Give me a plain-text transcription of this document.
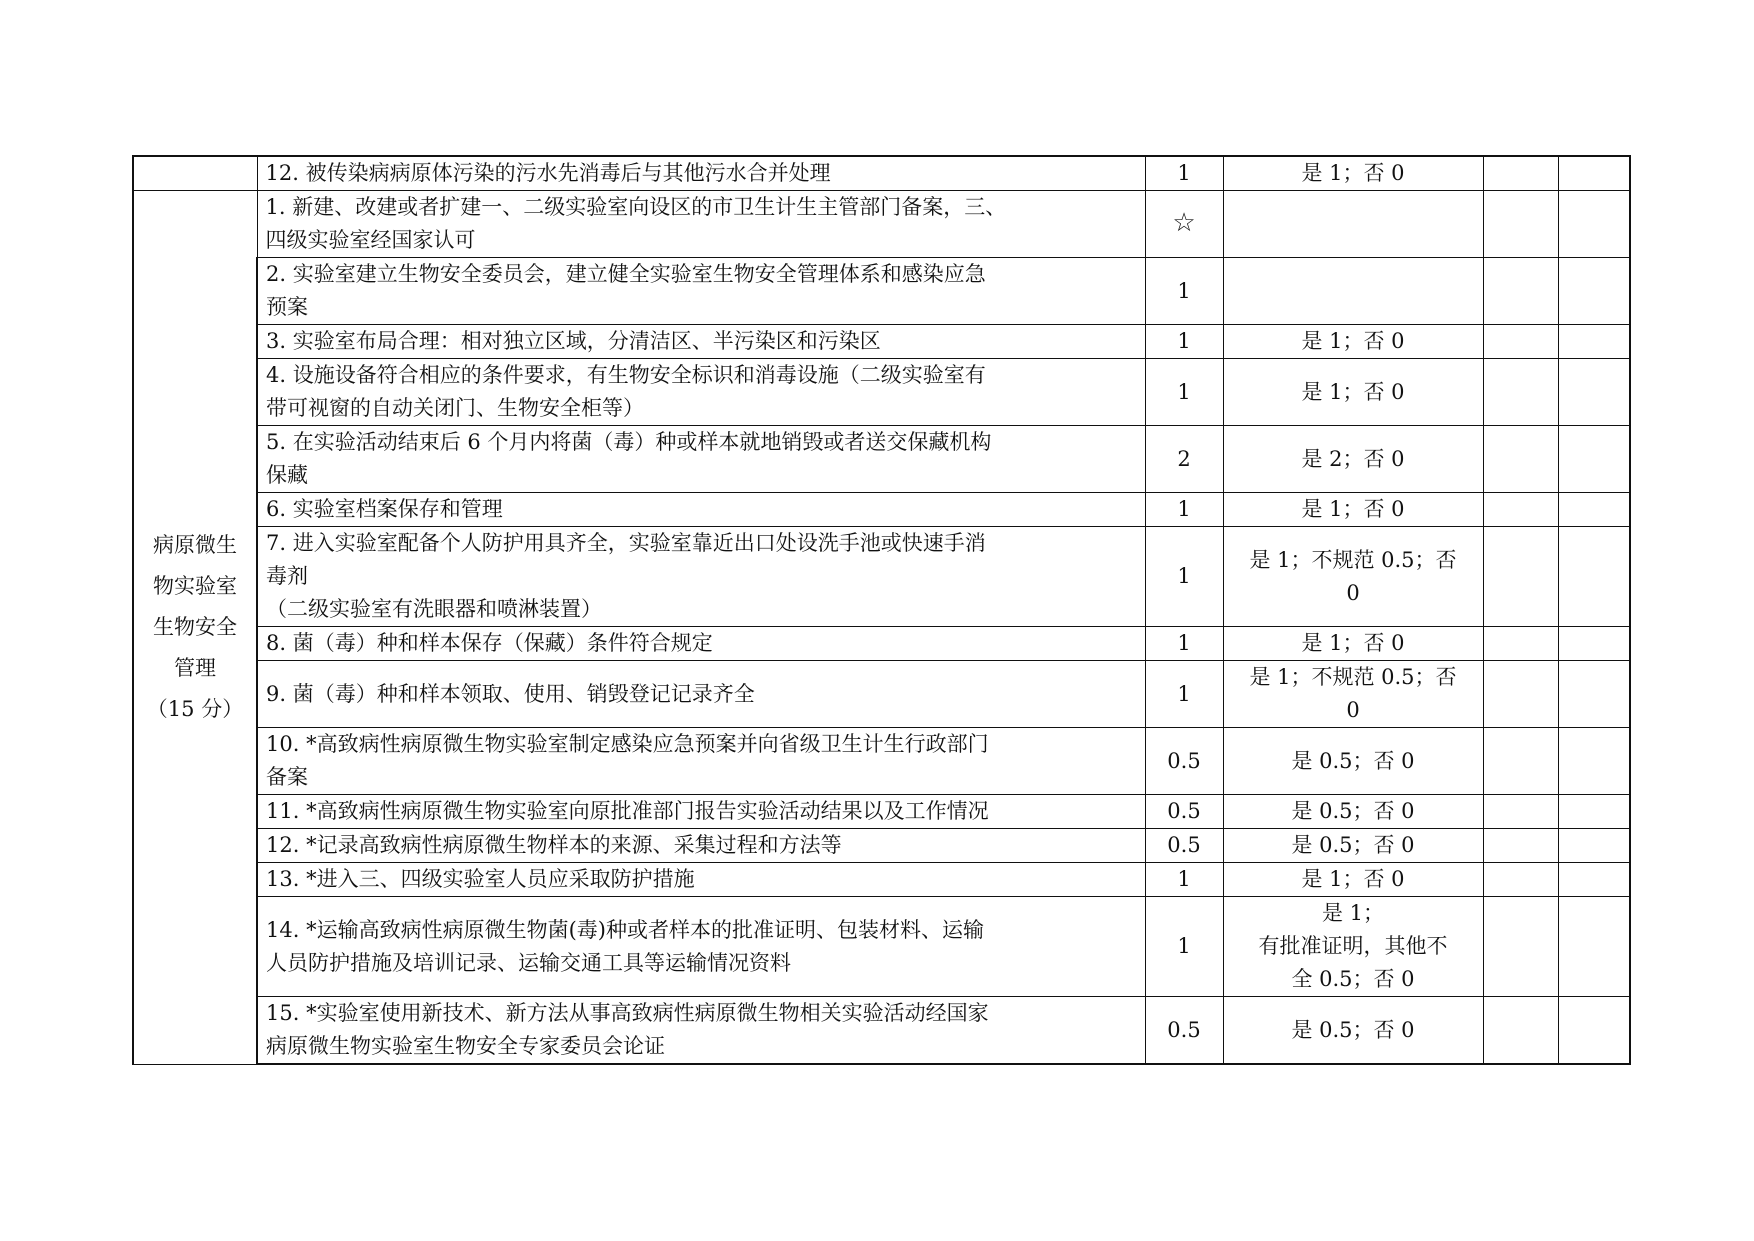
	12. 被传染病病原体污染的污水先消毒后与其他污水合并处理	1	是 1；否 0		

病原微生
物实验室
生物安全
管理
（15 分）	1. 新建、改建或者扩建一、二级实验室向设区的市卫生计生主管部门备案，三、
四级实验室经国家认可	☆			

	2. 实验室建立生物安全委员会，建立健全实验室生物安全管理体系和感染应急
预案	1			

	3. 实验室布局合理：相对独立区域，分清洁区、半污染区和污染区	1	是 1；否 0		

	4. 设施设备符合相应的条件要求，有生物安全标识和消毒设施（二级实验室有
带可视窗的自动关闭门、生物安全柜等）	1	是 1；否 0		

	5. 在实验活动结束后 6 个月内将菌（毒）种或样本就地销毁或者送交保藏机构
保藏	2	是 2；否 0		

	6. 实验室档案保存和管理	1	是 1；否 0		

	7. 进入实验室配备个人防护用具齐全，实验室靠近出口处设洗手池或快速手消
毒剂
（二级实验室有洗眼器和喷淋装置）	1	是 1；不规范 0.5；否
0		

	8. 菌（毒）种和样本保存（保藏）条件符合规定	1	是 1；否 0		

	9. 菌（毒）种和样本领取、使用、销毁登记记录齐全	1	是 1；不规范 0.5；否
0		

	10. *高致病性病原微生物实验室制定感染应急预案并向省级卫生计生行政部门
备案	0.5	是 0.5；否 0		

	11. *高致病性病原微生物实验室向原批准部门报告实验活动结果以及工作情况	0.5	是 0.5；否 0		

	12. *记录高致病性病原微生物样本的来源、采集过程和方法等	0.5	是 0.5；否 0		

	13. *进入三、四级实验室人员应采取防护措施	1	是 1；否 0		

	14. *运输高致病性病原微生物菌(毒)种或者样本的批准证明、包装材料、运输
人员防护措施及培训记录、运输交通工具等运输情况资料	1	是 1；
有批准证明，其他不
全 0.5；否 0		

	15. *实验室使用新技术、新方法从事高致病性病原微生物相关实验活动经国家
病原微生物实验室生物安全专家委员会论证	0.5	是 0.5；否 0		
